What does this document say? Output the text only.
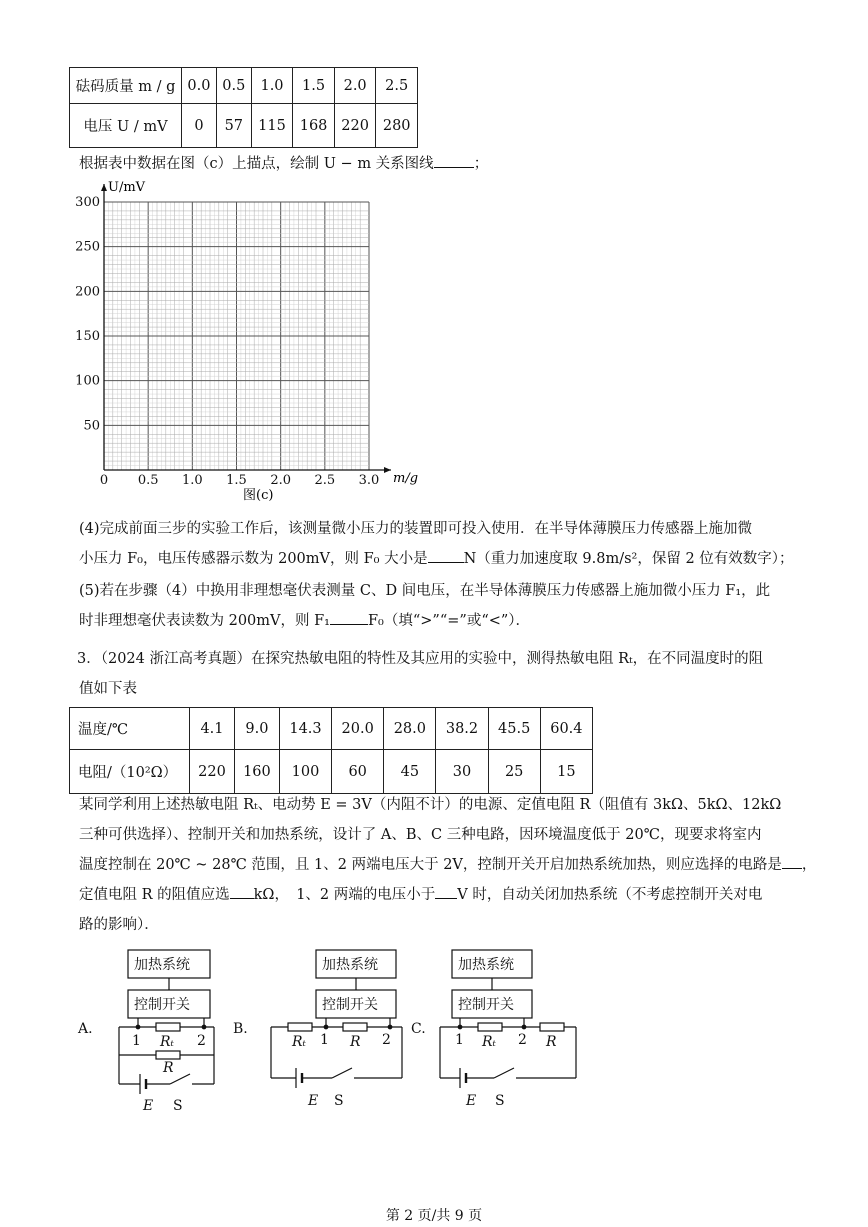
砝码质量 m / g	0.0	0.5	1.0	1.5	2.0	2.5
电压 U / mV	0	57	115	168	220	280
根据表中数据在图（c）上描点，绘制 U − m 关系图线	；
0 0.5 1.0 1.5 2.0 2.5 3.0
50
100
150
200
250
300
U/mV
m/g
图(c)
(4)完成前面三步的实验工作后，该测量微小压力的装置即可投入使用．在半导体薄膜压力传感器上施加微
小压力 F₀，电压传感器示数为 200mV，则 F₀ 大小是 N（重力加速度取 9.8m/s²，保留 2 位有效数字）；
(5)若在步骤（4）中换用非理想毫伏表测量 C、D 间电压，在半导体薄膜压力传感器上施加微小压力 F₁，此
时非理想毫伏表读数为 200mV，则 F₁	F₀（填“>”“=”或“<”）．
3．（2024 浙江高考真题）在探究热敏电阻的特性及其应用的实验中，测得热敏电阻 Rₜ，在不同温度时的阻
值如下表
温度/℃	4.1	9.0	14.3	20.0	28.0	38.2	45.5	60.4
电阻/（10²Ω）	220	160	100	60	45	30	25	15
某同学利用上述热敏电阻 Rₜ、电动势 E = 3V（内阻不计）的电源、定值电阻 R（阻值有 3kΩ、5kΩ、12kΩ
三种可供选择）、控制开关和加热系统，设计了 A、B、C 三种电路，因环境温度低于 20℃，现要求将室内
温度控制在 20℃ ~ 28℃ 范围，且 1、2 两端电压大于 2V，控制开关开启加热系统加热，则应选择的电路是 ，
定值电阻 R 的阻值应选 kΩ，　1、2 两端的电压小于 V 时，自动关闭加热系统（不考虑控制开关对电
路的影响）．
A.
加热系统
控制开关
1	2
Rₜ
R
E S
B.
加热系统
控制开关
Rₜ 1 R 2
E S
C.
加热系统
控制开关
1 Rₜ 2 R
E S
第 2 页/共 9 页
